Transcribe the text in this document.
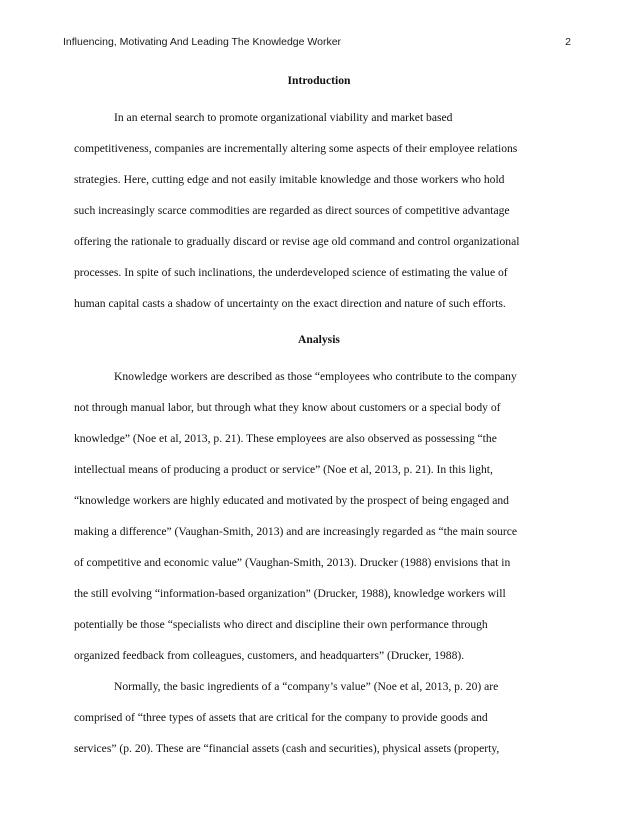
Influencing, Motivating And Leading The Knowledge Worker	2
Introduction
In an eternal search to promote organizational viability and market based
competitiveness, companies are incrementally altering some aspects of their employee relations
strategies. Here, cutting edge and not easily imitable knowledge and those workers who hold
such increasingly scarce commodities are regarded as direct sources of competitive advantage
offering the rationale to gradually discard or revise age old command and control organizational
processes. In spite of such inclinations, the underdeveloped science of estimating the value of
human capital casts a shadow of uncertainty on the exact direction and nature of such efforts.
Analysis
Knowledge workers are described as those “employees who contribute to the company
not through manual labor, but through what they know about customers or a special body of
knowledge” (Noe et al, 2013, p. 21). These employees are also observed as possessing “the
intellectual means of producing a product or service” (Noe et al, 2013, p. 21). In this light,
“knowledge workers are highly educated and motivated by the prospect of being engaged and
making a difference” (Vaughan-Smith, 2013) and are increasingly regarded as “the main source
of competitive and economic value” (Vaughan-Smith, 2013). Drucker (1988) envisions that in
the still evolving “information-based organization” (Drucker, 1988), knowledge workers will
potentially be those “specialists who direct and discipline their own performance through
organized feedback from colleagues, customers, and headquarters” (Drucker, 1988).
Normally, the basic ingredients of a “company’s value” (Noe et al, 2013, p. 20) are
comprised of “three types of assets that are critical for the company to provide goods and
services” (p. 20). These are “financial assets (cash and securities), physical assets (property,
